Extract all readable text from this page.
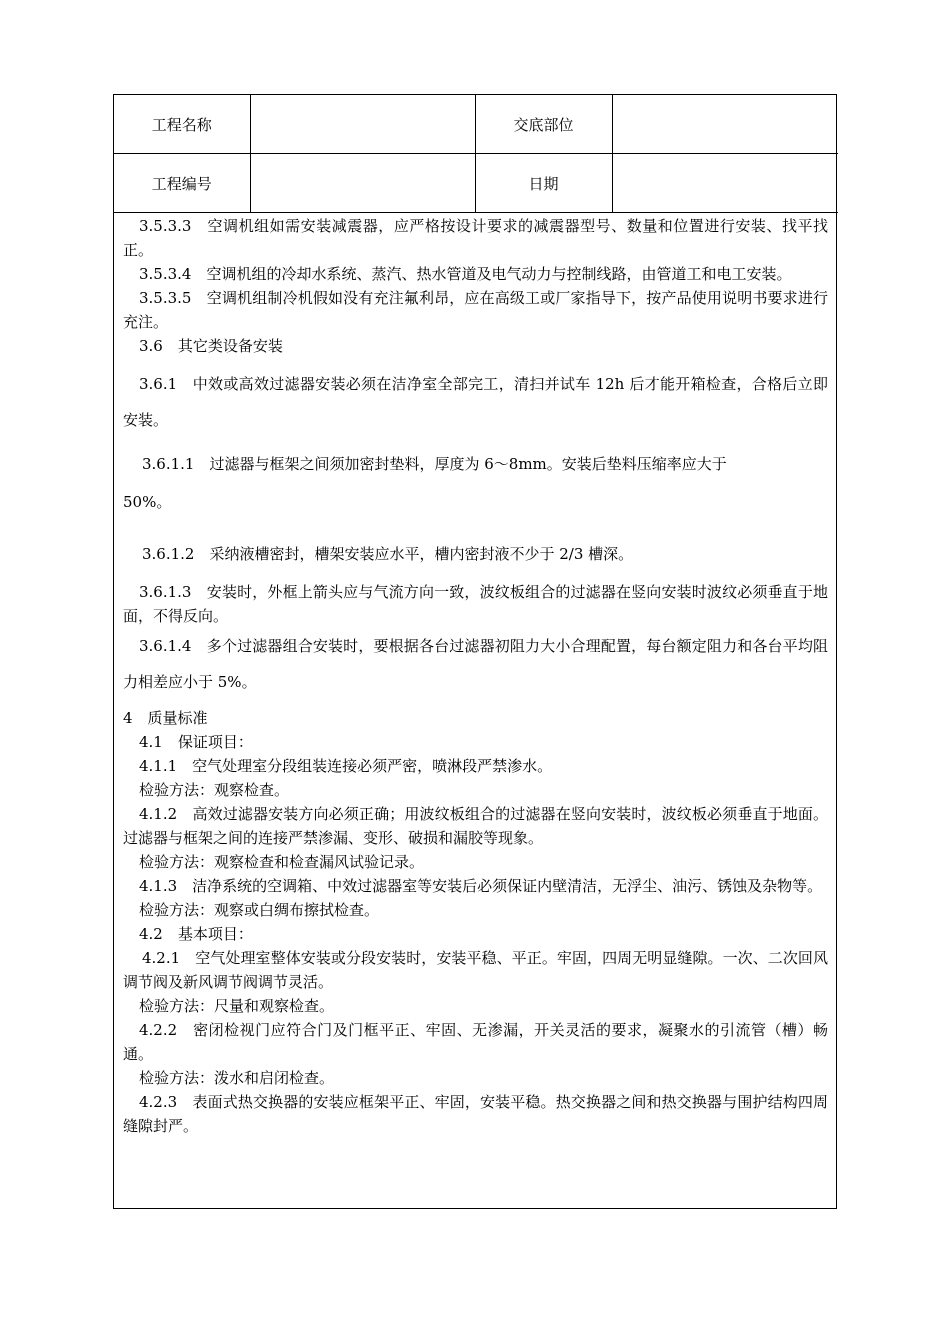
工程名称		交底部位	
工程编号		日期	

3.5.3.3　空调机组如需安装减震器，应严格按设计要求的减震器型号、数量和位置进行安装、找平找正。

3.5.3.4　空调机组的冷却水系统、蒸汽、热水管道及电气动力与控制线路，由管道工和电工安装。

3.5.3.5　空调机组制冷机假如没有充注氟利昂，应在高级工或厂家指导下，按产品使用说明书要求进行充注。

3.6　其它类设备安装

3.6.1　中效或高效过滤器安装必须在洁净室全部完工，清扫并试车 12h 后才能开箱检查，合格后立即安装。

3.6.1.1　过滤器与框架之间须加密封垫料，厚度为 6～8mm。安装后垫料压缩率应大于

50%。

3.6.1.2　采纳液槽密封，槽架安装应水平，槽内密封液不少于 2/3 槽深。

3.6.1.3　安装时，外框上箭头应与气流方向一致，波纹板组合的过滤器在竖向安装时波纹必须垂直于地面，不得反向。

3.6.1.4　多个过滤器组合安装时，要根据各台过滤器初阻力大小合理配置，每台额定阻力和各台平均阻力相差应小于 5%。

4　质量标准

4.1　保证项目：

4.1.1　空气处理室分段组装连接必须严密，喷淋段严禁渗水。

检验方法：观察检查。

4.1.2　高效过滤器安装方向必须正确；用波纹板组合的过滤器在竖向安装时，波纹板必须垂直于地面。过滤器与框架之间的连接严禁渗漏、变形、破损和漏胶等现象。

检验方法：观察检查和检查漏风试验记录。

4.1.3　洁净系统的空调箱、中效过滤器室等安装后必须保证内壁清洁，无浮尘、油污、锈蚀及杂物等。

检验方法：观察或白绸布擦拭检查。

4.2　基本项目：

4.2.1　空气处理室整体安装或分段安装时，安装平稳、平正。牢固，四周无明显缝隙。一次、二次回风调节阀及新风调节阀调节灵活。

检验方法：尺量和观察检查。

4.2.2　密闭检视门应符合门及门框平正、牢固、无渗漏，开关灵活的要求，凝聚水的引流管（槽）畅通。

检验方法：泼水和启闭检查。

4.2.3　表面式热交换器的安装应框架平正、牢固，安装平稳。热交换器之间和热交换器与围护结构四周缝隙封严。
